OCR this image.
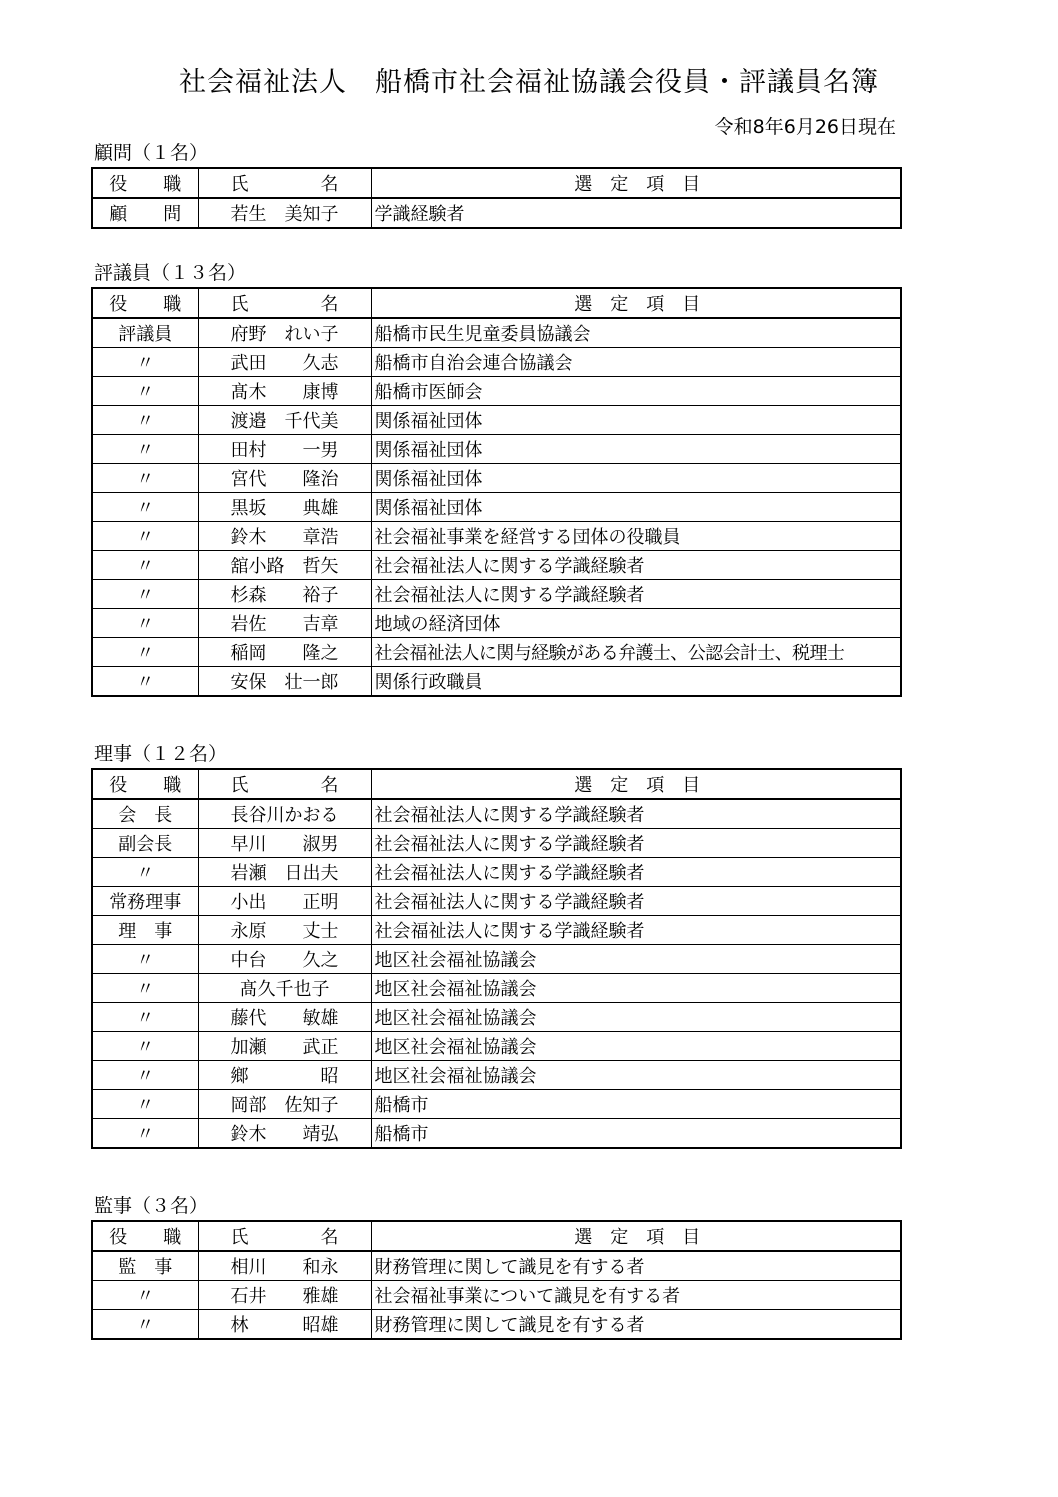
社会福祉法人　船橋市社会福祉協議会役員・評議員名簿
令和8年6月26日現在
顧問（１名）
役　　職	氏　　　　名	選　定　項　目
顧　　問	若生　美知子	学識経験者
評議員（１３名）
役　　職	氏　　　　名	選　定　項　目
評議員	府野　れい子	船橋市民生児童委員協議会
〃	武田　　久志	船橋市自治会連合協議会
〃	髙木　　康博	船橋市医師会
〃	渡邉　千代美	関係福祉団体
〃	田村　　一男	関係福祉団体
〃	宮代　　隆治	関係福祉団体
〃	黒坂　　典雄	関係福祉団体
〃	鈴木　　章浩	社会福祉事業を経営する団体の役職員
〃	舘小路　哲矢	社会福祉法人に関する学識経験者
〃	杉森　　裕子	社会福祉法人に関する学識経験者
〃	岩佐　　吉章	地域の経済団体
〃	稲岡　　隆之	社会福祉法人に関与経験がある弁護士、公認会計士、税理士
〃	安保　壮一郎	関係行政職員
理事（１２名）
役　　職	氏　　　　名	選　定　項　目
会　長	長谷川かおる	社会福祉法人に関する学識経験者
副会長	早川　　淑男	社会福祉法人に関する学識経験者
〃	岩瀬　日出夫	社会福祉法人に関する学識経験者
常務理事	小出　　正明	社会福祉法人に関する学識経験者
理　事	永原　　丈士	社会福祉法人に関する学識経験者
〃	中台　　久之	地区社会福祉協議会
〃	髙久千也子	地区社会福祉協議会
〃	藤代　　敏雄	地区社会福祉協議会
〃	加瀬　　武正	地区社会福祉協議会
〃	鄉　　　　昭	地区社会福祉協議会
〃	岡部　佐知子	船橋市
〃	鈴木　　靖弘	船橋市
監事（３名）
役　　職	氏　　　　名	選　定　項　目
監　事	相川　　和永	財務管理に関して識見を有する者
〃	石井　　雅雄	社会福祉事業について識見を有する者
〃	林　　　昭雄	財務管理に関して識見を有する者
